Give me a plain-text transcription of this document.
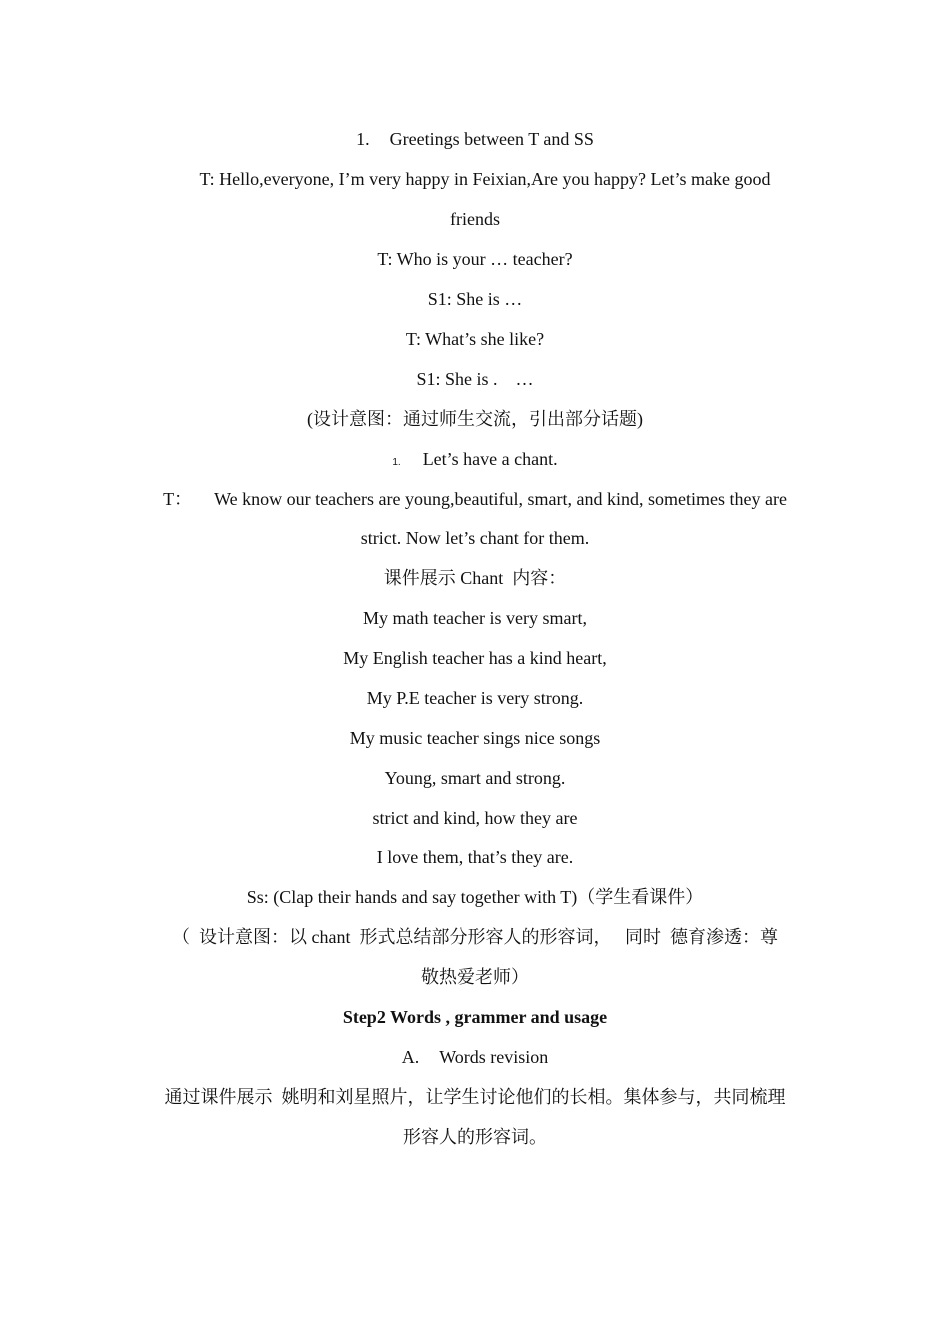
1. Greetings between T and SS
T: Hello,everyone, I’m very happy in Feixian,Are you happy? Let’s make good
friends
T: Who is your … teacher?
S1: She is …
T: What’s she like?
S1: She is .    …
(设计意图：通过师生交流，引出部分话题)
1. Let’s have a chant.
T： We know our teachers are young,beautiful, smart, and kind, sometimes they are
strict. Now let’s chant for them.
课件展示 Chant  内容：
My math teacher is very smart,
My English teacher has a kind heart,
My P.E teacher is very strong.
My music teacher sings nice songs
Young, smart and strong.
strict and kind, how they are
I love them, that’s they are.
Ss: (Clap their hands and say together with T)（学生看课件）
（  设计意图：以 chant  形式总结部分形容人的形容词，   同时  德育渗透：尊
敬热爱老师）
Step2 Words , grammer and usage
A. Words revision
通过课件展示  姚明和刘星照片，让学生讨论他们的长相。集体参与，共同梳理
形容人的形容词。
